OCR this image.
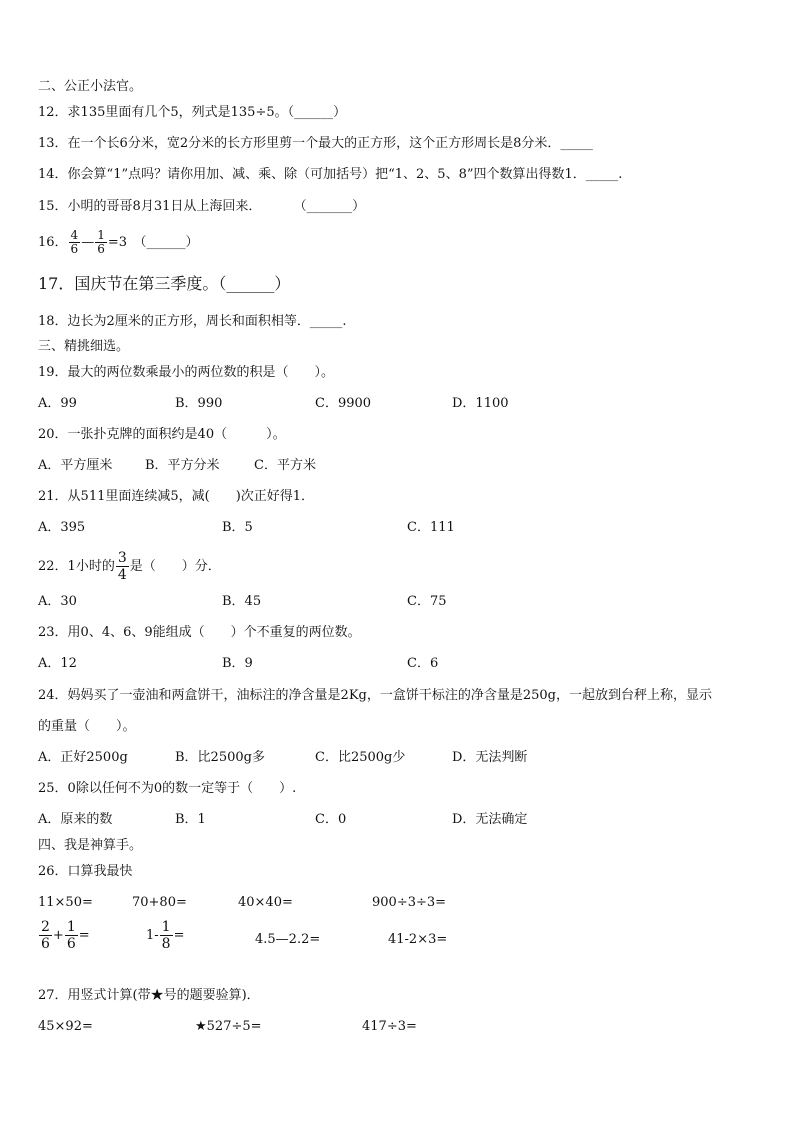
二、公正小法官。
12．求135里面有几个5，列式是135÷5。（______）
13．在一个长6分米，宽2分米的长方形里剪一个最大的正方形，这个正方形周长是8分米．_____
14．你会算“1”点吗？请你用加、减、乘、除（可加括号）把“1、2、5、8”四个数算出得数1．_____.
15．小明的哥哥8月31日从上海回来． （_______）
16． $\frac{4}{6}$ — $\frac{1}{6} =3$　（______）
17．国庆节在第三季度。（______）
18．边长为2厘米的正方形，周长和面积相等．_____.
三、精挑细选。
19．最大的两位数乘最小的两位数的积是（　　）。
A．99	B．990	C．9900	D．1100
20．一张扑克牌的面积约是40（　　　）。
A．平方厘米	B．平方分米	C．平方米
21．从511里面连续减5，减(　　)次正好得1．
A．395	B．5	C．111
22．1小时的 $\frac{3}{4}$ 是（　　）分．
A．30	B．45	C．75
23．用0、4、6、9能组成（　　）个不重复的两位数。
A．12	B．9	C．6
24．妈妈买了一壶油和两盒饼干，油标注的净含量是2Kg，一盒饼干标注的净含量是250g，一起放到台秤上称，显示
的重量（　　）。
A．正好2500g	B．比2500g多	C．比2500g少	D．无法判断
25．0除以任何不为0的数一定等于（　　）.
A．原来的数	B．1	C．0	D．无法确定
四、我是神算手。
26．口算我最快
11×50=	70+80=	40×40=	900÷3÷3=
$\frac{2}{6} + \frac{1}{6}$ =	$1- \frac{1}{8}$ =	4.5—2.2=	41-2×3=
27．用竖式计算(带★号的题要验算)．
45×92=	★527÷5=	417÷3=
